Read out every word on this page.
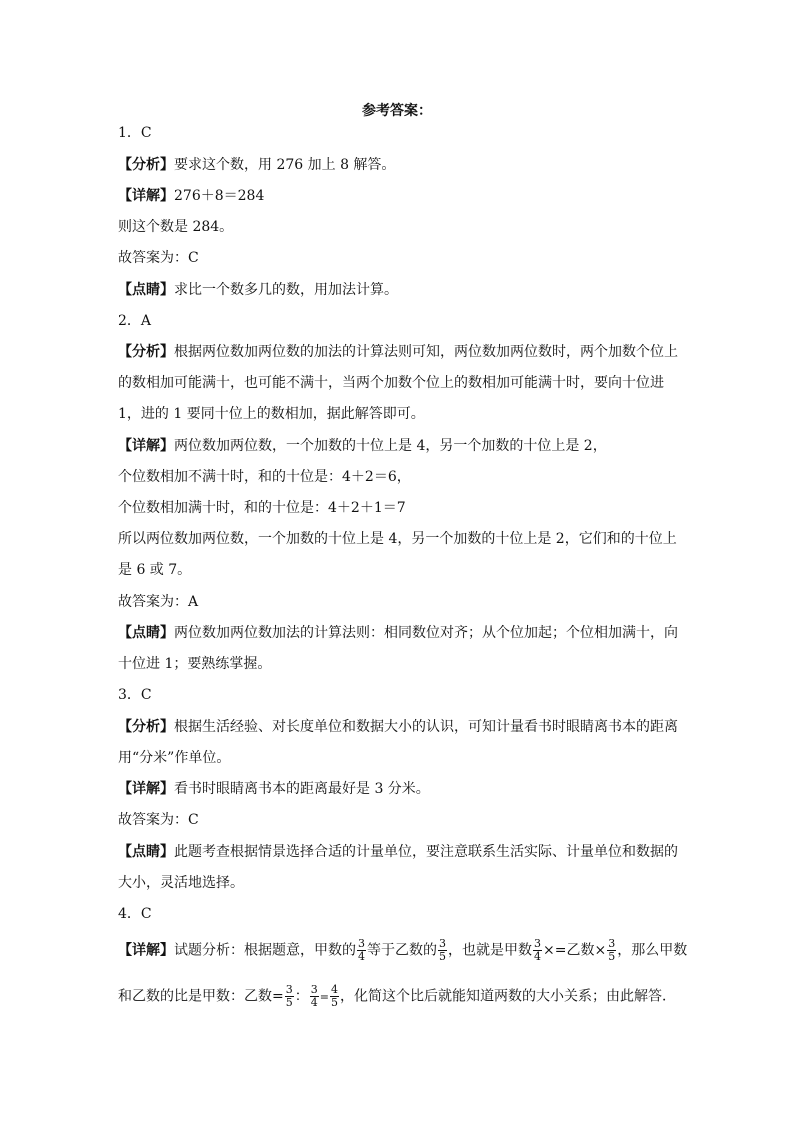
参考答案：
1．C
【分析】要求这个数，用 276 加上 8 解答。
【详解】276＋8＝284
则这个数是 284。
故答案为：C
【点睛】求比一个数多几的数，用加法计算。
2．A
【分析】根据两位数加两位数的加法的计算法则可知，两位数加两位数时，两个加数个位上
的数相加可能满十，也可能不满十，当两个加数个位上的数相加可能满十时，要向十位进
1，进的 1 要同十位上的数相加，据此解答即可。
【详解】两位数加两位数，一个加数的十位上是 4，另一个加数的十位上是 2，
个位数相加不满十时，和的十位是：4＋2＝6，
个位数相加满十时，和的十位是：4＋2＋1＝7
所以两位数加两位数，一个加数的十位上是 4，另一个加数的十位上是 2，它们和的十位上
是 6 或 7。
故答案为：A
【点睛】两位数加两位数加法的计算法则：相同数位对齐；从个位加起；个位相加满十，向
十位进 1；要熟练掌握。
3．C
【分析】根据生活经验、对长度单位和数据大小的认识，可知计量看书时眼睛离书本的距离
用“分米”作单位。
【详解】看书时眼睛离书本的距离最好是 3 分米。
故答案为：C
【点睛】此题考查根据情景选择合适的计量单位，要注意联系生活实际、计量单位和数据的
大小，灵活地选择。
4．C
【详解】试题分析：根据题意，甲数的 $\frac{3}{4}$ 等于乙数的 $\frac{3}{5}$ ，也就是甲数 $\frac{3}{4}$ ×=乙数× $\frac{3}{5}$ ，那么甲数
和乙数的比是甲数：乙数= $\frac{3}{5}$ ： $\frac{3}{4} = \frac{4}{5}$ ，化简这个比后就能知道两数的大小关系；由此解答．
